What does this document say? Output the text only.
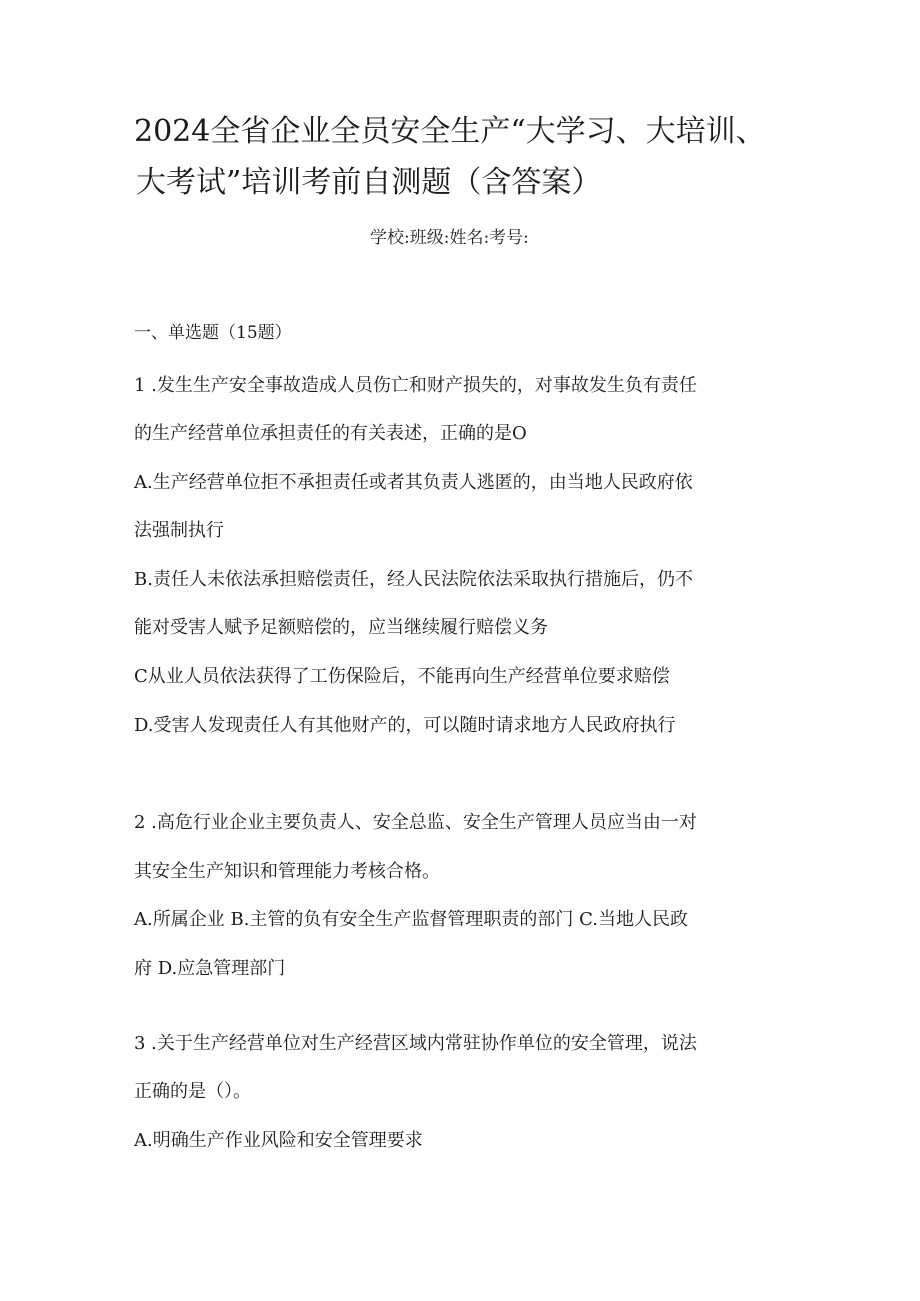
2024全省企业全员安全生产“大学习、大培训、
大考试”培训考前自测题（含答案）
学校:班级:姓名:考号:
一、单选题（15题）
1 .发生生产安全事故造成人员伤亡和财产损失的，对事故发生负有责任
的生产经营单位承担责任的有关表述，正确的是O
A.生产经营单位拒不承担责任或者其负责人逃匿的，由当地人民政府依
法强制执行
B.责任人未依法承担赔偿责任，经人民法院依法采取执行措施后，仍不
能对受害人赋予足额赔偿的，应当继续履行赔偿义务
C从业人员依法获得了工伤保险后，不能再向生产经营单位要求赔偿
D.受害人发现责任人有其他财产的，可以随时请求地方人民政府执行
2 .高危行业企业主要负责人、安全总监、安全生产管理人员应当由一对
其安全生产知识和管理能力考核合格。
A.所属企业 B.主管的负有安全生产监督管理职责的部门 C.当地人民政
府 D.应急管理部门
3 .关于生产经营单位对生产经营区域内常驻协作单位的安全管理，说法
正确的是（）。
A.明确生产作业风险和安全管理要求
